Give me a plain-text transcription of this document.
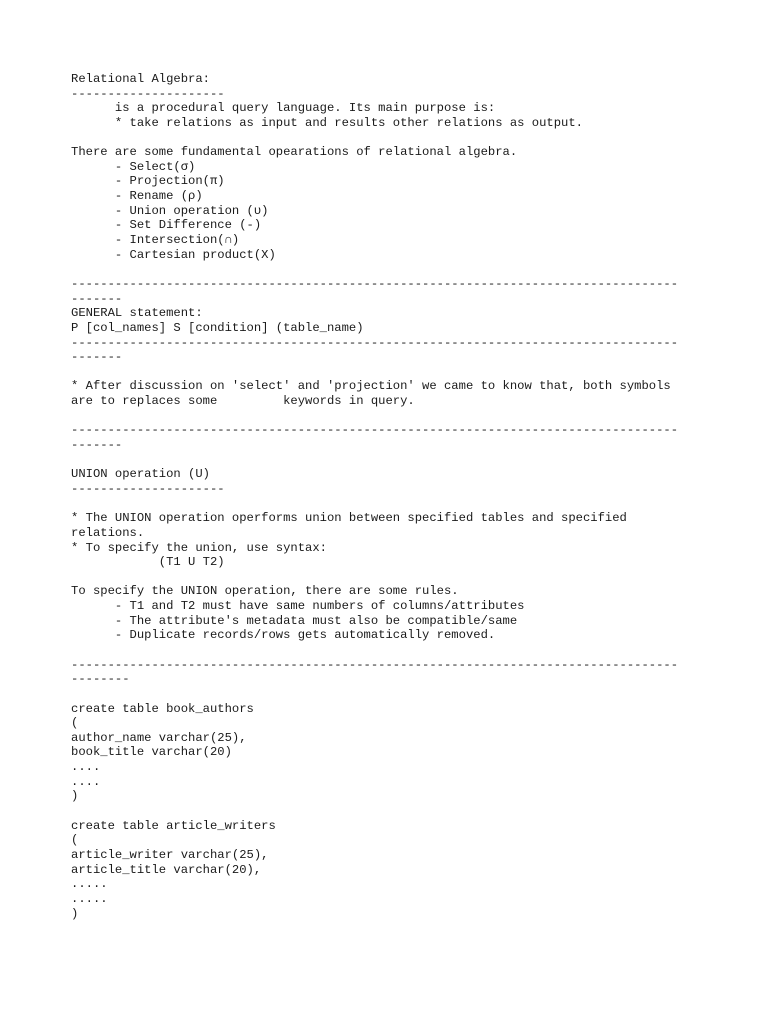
Relational Algebra:
---------------------
is a procedural query language. Its main purpose is:
* take relations as input and results other relations as output.
There are some fundamental opearations of relational algebra.
- Select(σ)
- Projection(π)
- Rename (ρ)
- Union operation (υ)
- Set Difference (-)
- Intersection(∩)
- Cartesian product(X)
-----------------------------------------------------------------------------------
-------
GENERAL statement:
P [col_names] S [condition] (table_name)
-----------------------------------------------------------------------------------
-------
* After discussion on 'select' and 'projection' we came to know that, both symbols
are to replaces some         keywords in query.
-----------------------------------------------------------------------------------
-------
UNION operation (U)
---------------------
* The UNION operation operforms union between specified tables and specified
relations.
* To specify the union, use syntax:
(T1 U T2)
To specify the UNION operation, there are some rules.
- T1 and T2 must have same numbers of columns/attributes
- The attribute's metadata must also be compatible/same
- Duplicate records/rows gets automatically removed.
-----------------------------------------------------------------------------------
--------
create table book_authors
(
author_name varchar(25),
book_title varchar(20)
....
....
)
create table article_writers
(
article_writer varchar(25),
article_title varchar(20),
.....
.....
)
